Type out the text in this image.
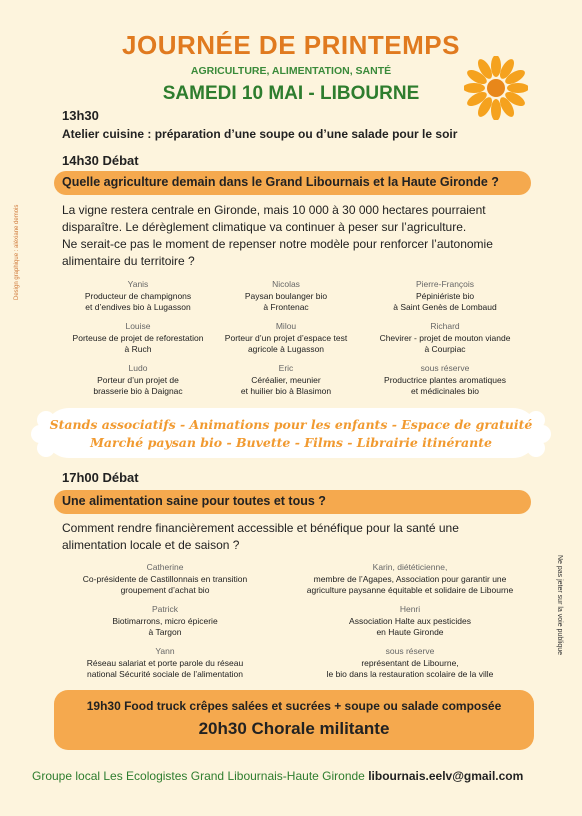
JOURNÉE DE PRINTEMPS
AGRICULTURE, ALIMENTATION, SANTÉ
SAMEDI 10 MAI - LIBOURNE
Design graphique : aléxiane demois
Ne pas jeter sur la voie publique
13h30
Atelier cuisine : préparation d’une soupe ou d’une salade pour le soir
14h30 Débat
Quelle agriculture demain dans le Grand Libournais et la Haute Gironde ?
La vigne restera centrale en Gironde, mais 10 000 à 30 000 hectares pourraient
disparaître. Le dérèglement climatique va continuer à peser sur l’agriculture.
Ne serait-ce pas le moment de repenser notre modèle pour renforcer l’autonomie
alimentaire du territoire ?
Yanis
Producteur de champignons
et d’endives bio à Lugasson
Nicolas
Paysan boulanger bio
à Frontenac
Pierre-François
Pépiniériste bio
à Saint Genès de Lombaud
Louise
Porteuse de projet de reforestation
à Ruch
Milou
Porteur d’un projet d’espace test
agricole à Lugasson
Richard
Chevirer - projet de mouton viande
à Courpiac
Ludo
Porteur d’un projet de
brasserie bio à Daignac
Eric
Céréalier, meunier
et huilier bio à Blasimon
sous réserve
Productrice plantes aromatiques
et médicinales bio
Stands associatifs - Animations pour les enfants - Espace de gratuité
Marché paysan bio - Buvette - Films - Librairie itinérante
17h00 Débat
Une alimentation saine pour toutes et tous ?
Comment rendre financièrement accessible et bénéfique pour la santé une
alimentation locale et de saison ?
Catherine
Co-présidente de Castillonnais en transition
groupement d’achat bio
Karin, diététicienne,
membre de l’Agapes, Association pour garantir une
agriculture paysanne équitable et solidaire de Libourne
Patrick
Biotimarrons, micro épicerie
à Targon
Henri
Association Halte aux pesticides
en Haute Gironde
Yann
Réseau salariat et porte parole du réseau
national Sécurité sociale de l’alimentation
sous réserve
représentant de Libourne,
le bio dans la restauration scolaire de la ville
19h30 Food truck crêpes salées et sucrées + soupe ou salade composée
20h30 Chorale militante
Groupe local Les Ecologistes Grand Libournais-Haute Gironde libournais.eelv@gmail.com
